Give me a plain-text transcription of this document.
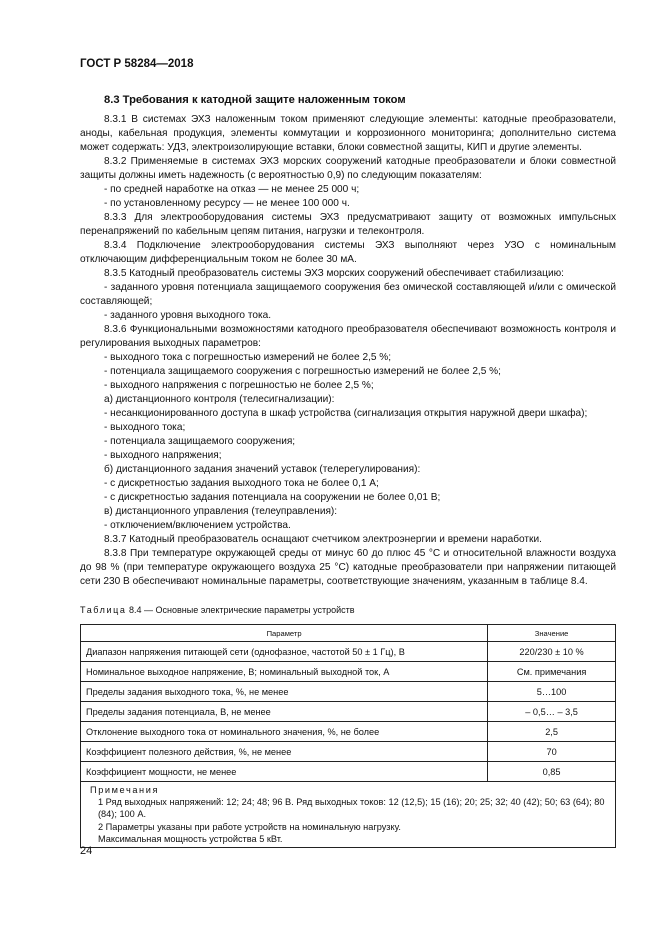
ГОСТ Р 58284—2018
8.3 Требования к катодной защите наложенным током

8.3.1 В системах ЭХЗ наложенным током применяют следующие элементы: катодные преобразователи, аноды, кабельная продукция, элементы коммутации и коррозионного мониторинга; дополнительно система может содержать: УДЗ, электроизолирующие вставки, блоки совместной защиты, КИП и другие элементы.

8.3.2 Применяемые в системах ЭХЗ морских сооружений катодные преобразователи и блоки совместной защиты должны иметь надежность (с вероятностью 0,9) по следующим показателям:

- по средней наработке на отказ — не менее 25 000 ч;

- по установленному ресурсу — не менее 100 000 ч.

8.3.3 Для электрооборудования системы ЭХЗ предусматривают защиту от возможных импульсных перенапряжений по кабельным цепям питания, нагрузки и телеконтроля.

8.3.4 Подключение электрооборудования системы ЭХЗ выполняют через УЗО с номинальным отключающим дифференциальным током не более 30 мА.

8.3.5 Катодный преобразователь системы ЭХЗ морских сооружений обеспечивает стабилизацию:

- заданного уровня потенциала защищаемого сооружения без омической составляющей и/или с омической составляющей;

- заданного уровня выходного тока.

8.3.6 Функциональными возможностями катодного преобразователя обеспечивают возможность контроля и регулирования выходных параметров:

- выходного тока с погрешностью измерений не более 2,5 %;

- потенциала защищаемого сооружения с погрешностью измерений не более 2,5 %;

- выходного напряжения с погрешностью не более 2,5 %;

а) дистанционного контроля (телесигнализации):

- несанкционированного доступа в шкаф устройства (сигнализация открытия наружной двери шкафа);

- выходного тока;

- потенциала защищаемого сооружения;

- выходного напряжения;

б) дистанционного задания значений уставок (телерегулирования):

- с дискретностью задания выходного тока не более 0,1 А;

- с дискретностью задания потенциала на сооружении не более 0,01 В;

в) дистанционного управления (телеуправления):

- отключением/включением устройства.

8.3.7 Катодный преобразователь оснащают счетчиком электроэнергии и времени наработки.

8.3.8 При температуре окружающей среды от минус 60 до плюс 45 °С и относительной влажности воздуха до 98 % (при температуре окружающего воздуха 25 °С) катодные преобразователи при напряжении питающей сети 230 В обеспечивают номинальные параметры, соответствующие значениям, указанным в таблице 8.4.

Таблица 8.4 — Основные электрические параметры устройств
Параметр	Значение
Диапазон напряжения питающей сети (однофазное, частотой 50 ± 1 Гц), В	220/230 ± 10 %
Номинальное выходное напряжение, В; номинальный выходной ток, А	См. примечания
Пределы задания выходного тока, %, не менее	5…100
Пределы задания потенциала, В, не менее	– 0,5… – 3,5
Отклонение выходного тока от номинального значения, %, не более	2,5
Коэффициент полезного действия, %, не менее	70
Коэффициент мощности, не менее	0,85

Примечания
1 Ряд выходных напряжений: 12; 24; 48; 96 В. Ряд выходных токов: 12 (12,5); 15 (16); 20; 25; 32; 40 (42); 50; 63 (64); 80 (84); 100 А.
2 Параметры указаны при работе устройств на номинальную нагрузку.
Максимальная мощность устройства 5 кВт.	
24
